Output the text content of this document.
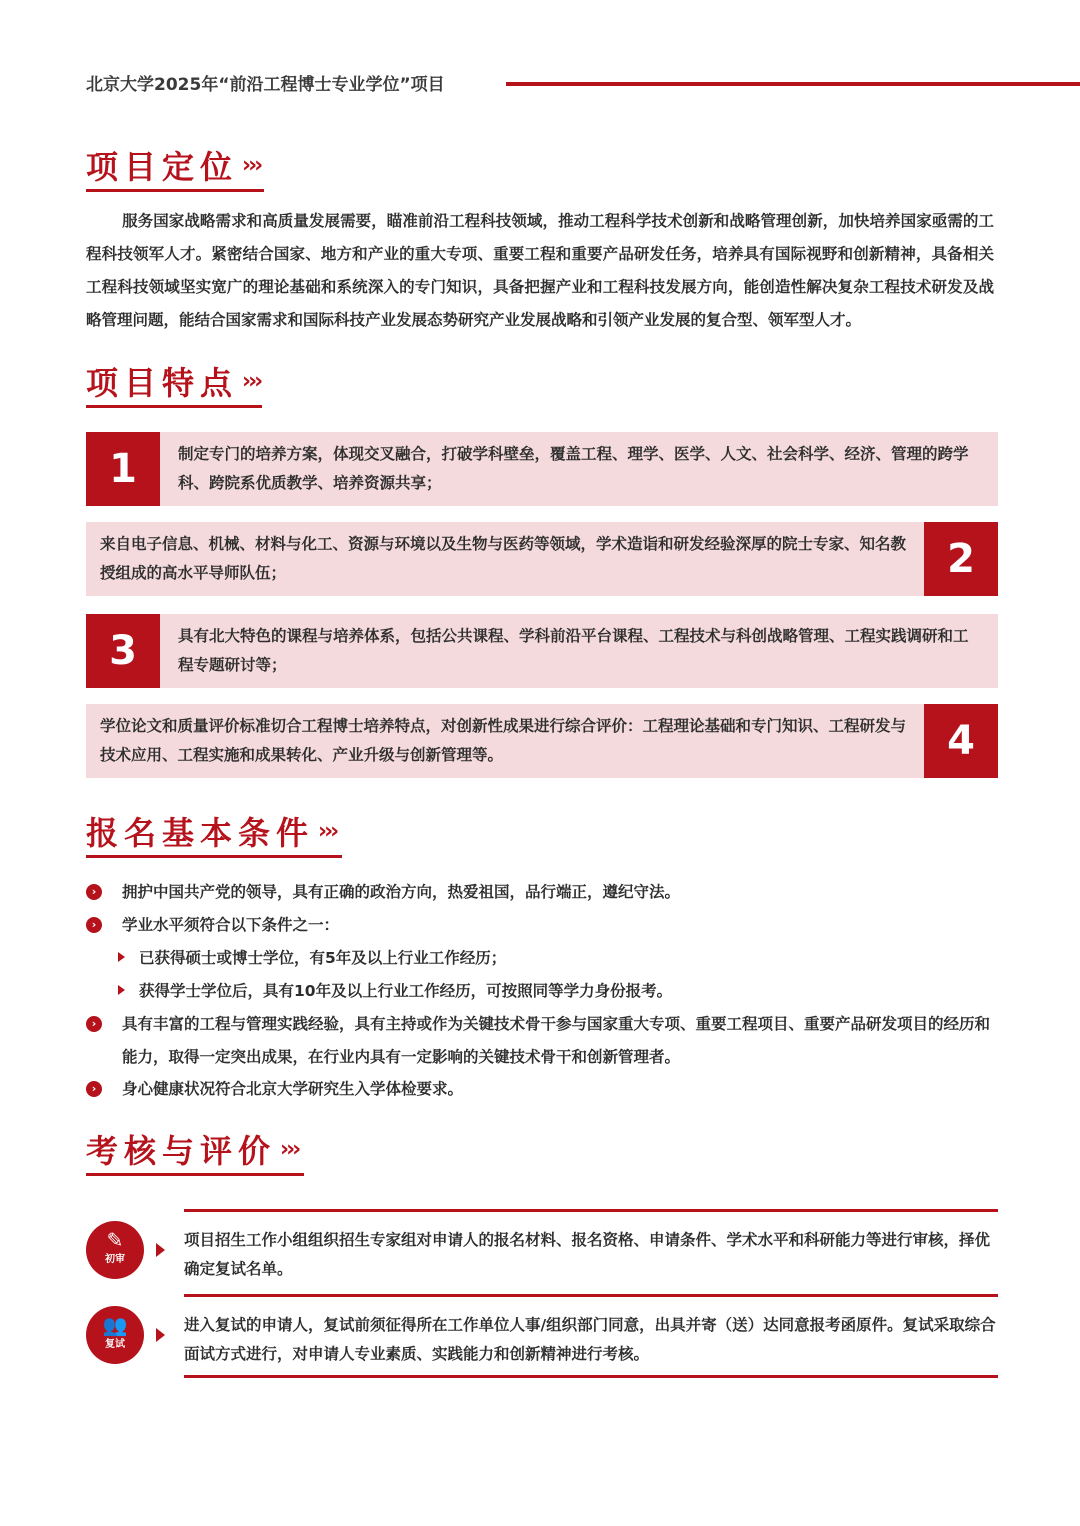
北京大学2025年“前沿工程博士专业学位”项目
项目定位 ›››
服务国家战略需求和高质量发展需要，瞄准前沿工程科技领域，推动工程科学技术创新和战略管理创新，加快培养国家亟需的工程科技领军人才。紧密结合国家、地方和产业的重大专项、重要工程和重要产品研发任务，培养具有国际视野和创新精神，具备相关工程科技领域坚实宽广的理论基础和系统深入的专门知识，具备把握产业和工程科技发展方向，能创造性解决复杂工程技术研发及战略管理问题，能结合国家需求和国际科技产业发展态势研究产业发展战略和引领产业发展的复合型、领军型人才。
项目特点 ›››
1	制定专门的培养方案，体现交叉融合，打破学科壁垒，覆盖工程、理学、医学、人文、社会科学、经济、管理的跨学科、跨院系优质教学、培养资源共享；
2
来自电子信息、机械、材料与化工、资源与环境以及生物与医药等领域，学术造诣和研发经验深厚的院士专家、知名教授组成的高水平导师队伍；
3	具有北大特色的课程与培养体系，包括公共课程、学科前沿平台课程、工程技术与科创战略管理、工程实践调研和工程专题研讨等；
4
学位论文和质量评价标准切合工程博士培养特点，对创新性成果进行综合评价：工程理论基础和专门知识、工程研发与技术应用、工程实施和成果转化、产业升级与创新管理等。
报名基本条件 ›››
›	拥护中国共产党的领导，具有正确的政治方向，热爱祖国，品行端正，遵纪守法。
›	学业水平须符合以下条件之一：
已获得硕士或博士学位，有5年及以上行业工作经历；
获得学士学位后，具有10年及以上行业工作经历，可按照同等学力身份报考。
›	具有丰富的工程与管理实践经验，具有主持或作为关键技术骨干参与国家重大专项、重要工程项目、重要产品研发项目的经历和能力，取得一定突出成果，在行业内具有一定影响的关键技术骨干和创新管理者。
›	身心健康状况符合北京大学研究生入学体检要求。
考核与评价 ›››
✎
初审
项目招生工作小组组织招生专家组对申请人的报名材料、报名资格、申请条件、学术水平和科研能力等进行审核，择优确定复试名单。
👥
复试
进入复试的申请人，复试前须征得所在工作单位人事/组织部门同意，出具并寄（送）达同意报考函原件。复试采取综合面试方式进行，对申请人专业素质、实践能力和创新精神进行考核。
